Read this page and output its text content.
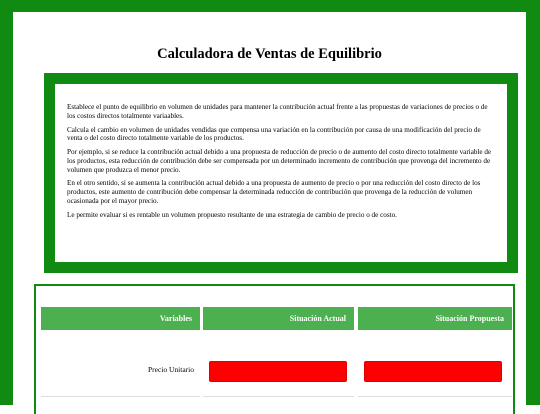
Calculadora de Ventas de Equilibrio

Establece el punto de equilibrio en volumen de unidades para mantener la contribución actual frente a las propuestas de variaciones de precios o de los costos directos totalmente variaables.

Calcula el cambio en volumen de unidades vendidas que compensa una variación en la contribución por causa de una modificación del precio de venta o del costo directo totalmente variable de los productos.

Por ejemplo, si se reduce la contribución actual debido a una propuesta de reducción de precio o de aumento del costo directo totalmente variable de los productos, esta reducción de contribución debe ser compensada por un determinado incremento de contribución que provenga del incremento de volumen que produzca el menor precio.

En el otro sentido, si se aumenta la contribución actual debido a una propuesta de aumento de precio o por una reducción del costo directo de los productos, este aumento de contribución debe compensar la determinada reducción de contribución que provenga de la reducción de volumen ocasionada por el mayor precio.

Le permite evaluar si es rentable un volumen propuesto resultante de una estrategia de cambio de precio o de costo.

Variables	Situación Actual	Situación Propuesta
Precio Unitario
